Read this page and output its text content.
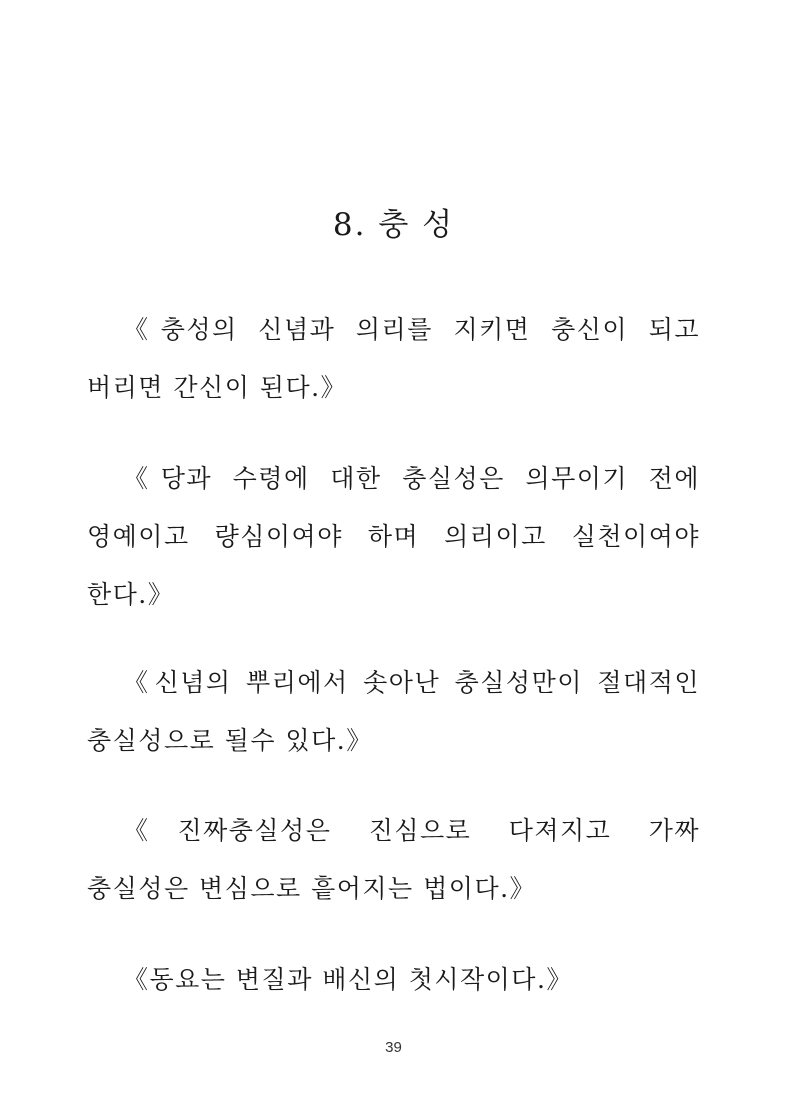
8. 충 성

《충성의 신념과 의리를 지키면 충신이 되고 버리면 간신이 된다.》

《당과 수령에 대한 충실성은 의무이기 전에 영예이고 량심이여야 하며 의리이고 실천이여야 한다.》

《신념의 뿌리에서 솟아난 충실성만이 절대적인 충실성으로 될수 있다.》

《진짜충실성은 진심으로 다져지고 가짜 충실성은 변심으로 흩어지는 법이다.》

《동요는 변질과 배신의 첫시작이다.》

39
